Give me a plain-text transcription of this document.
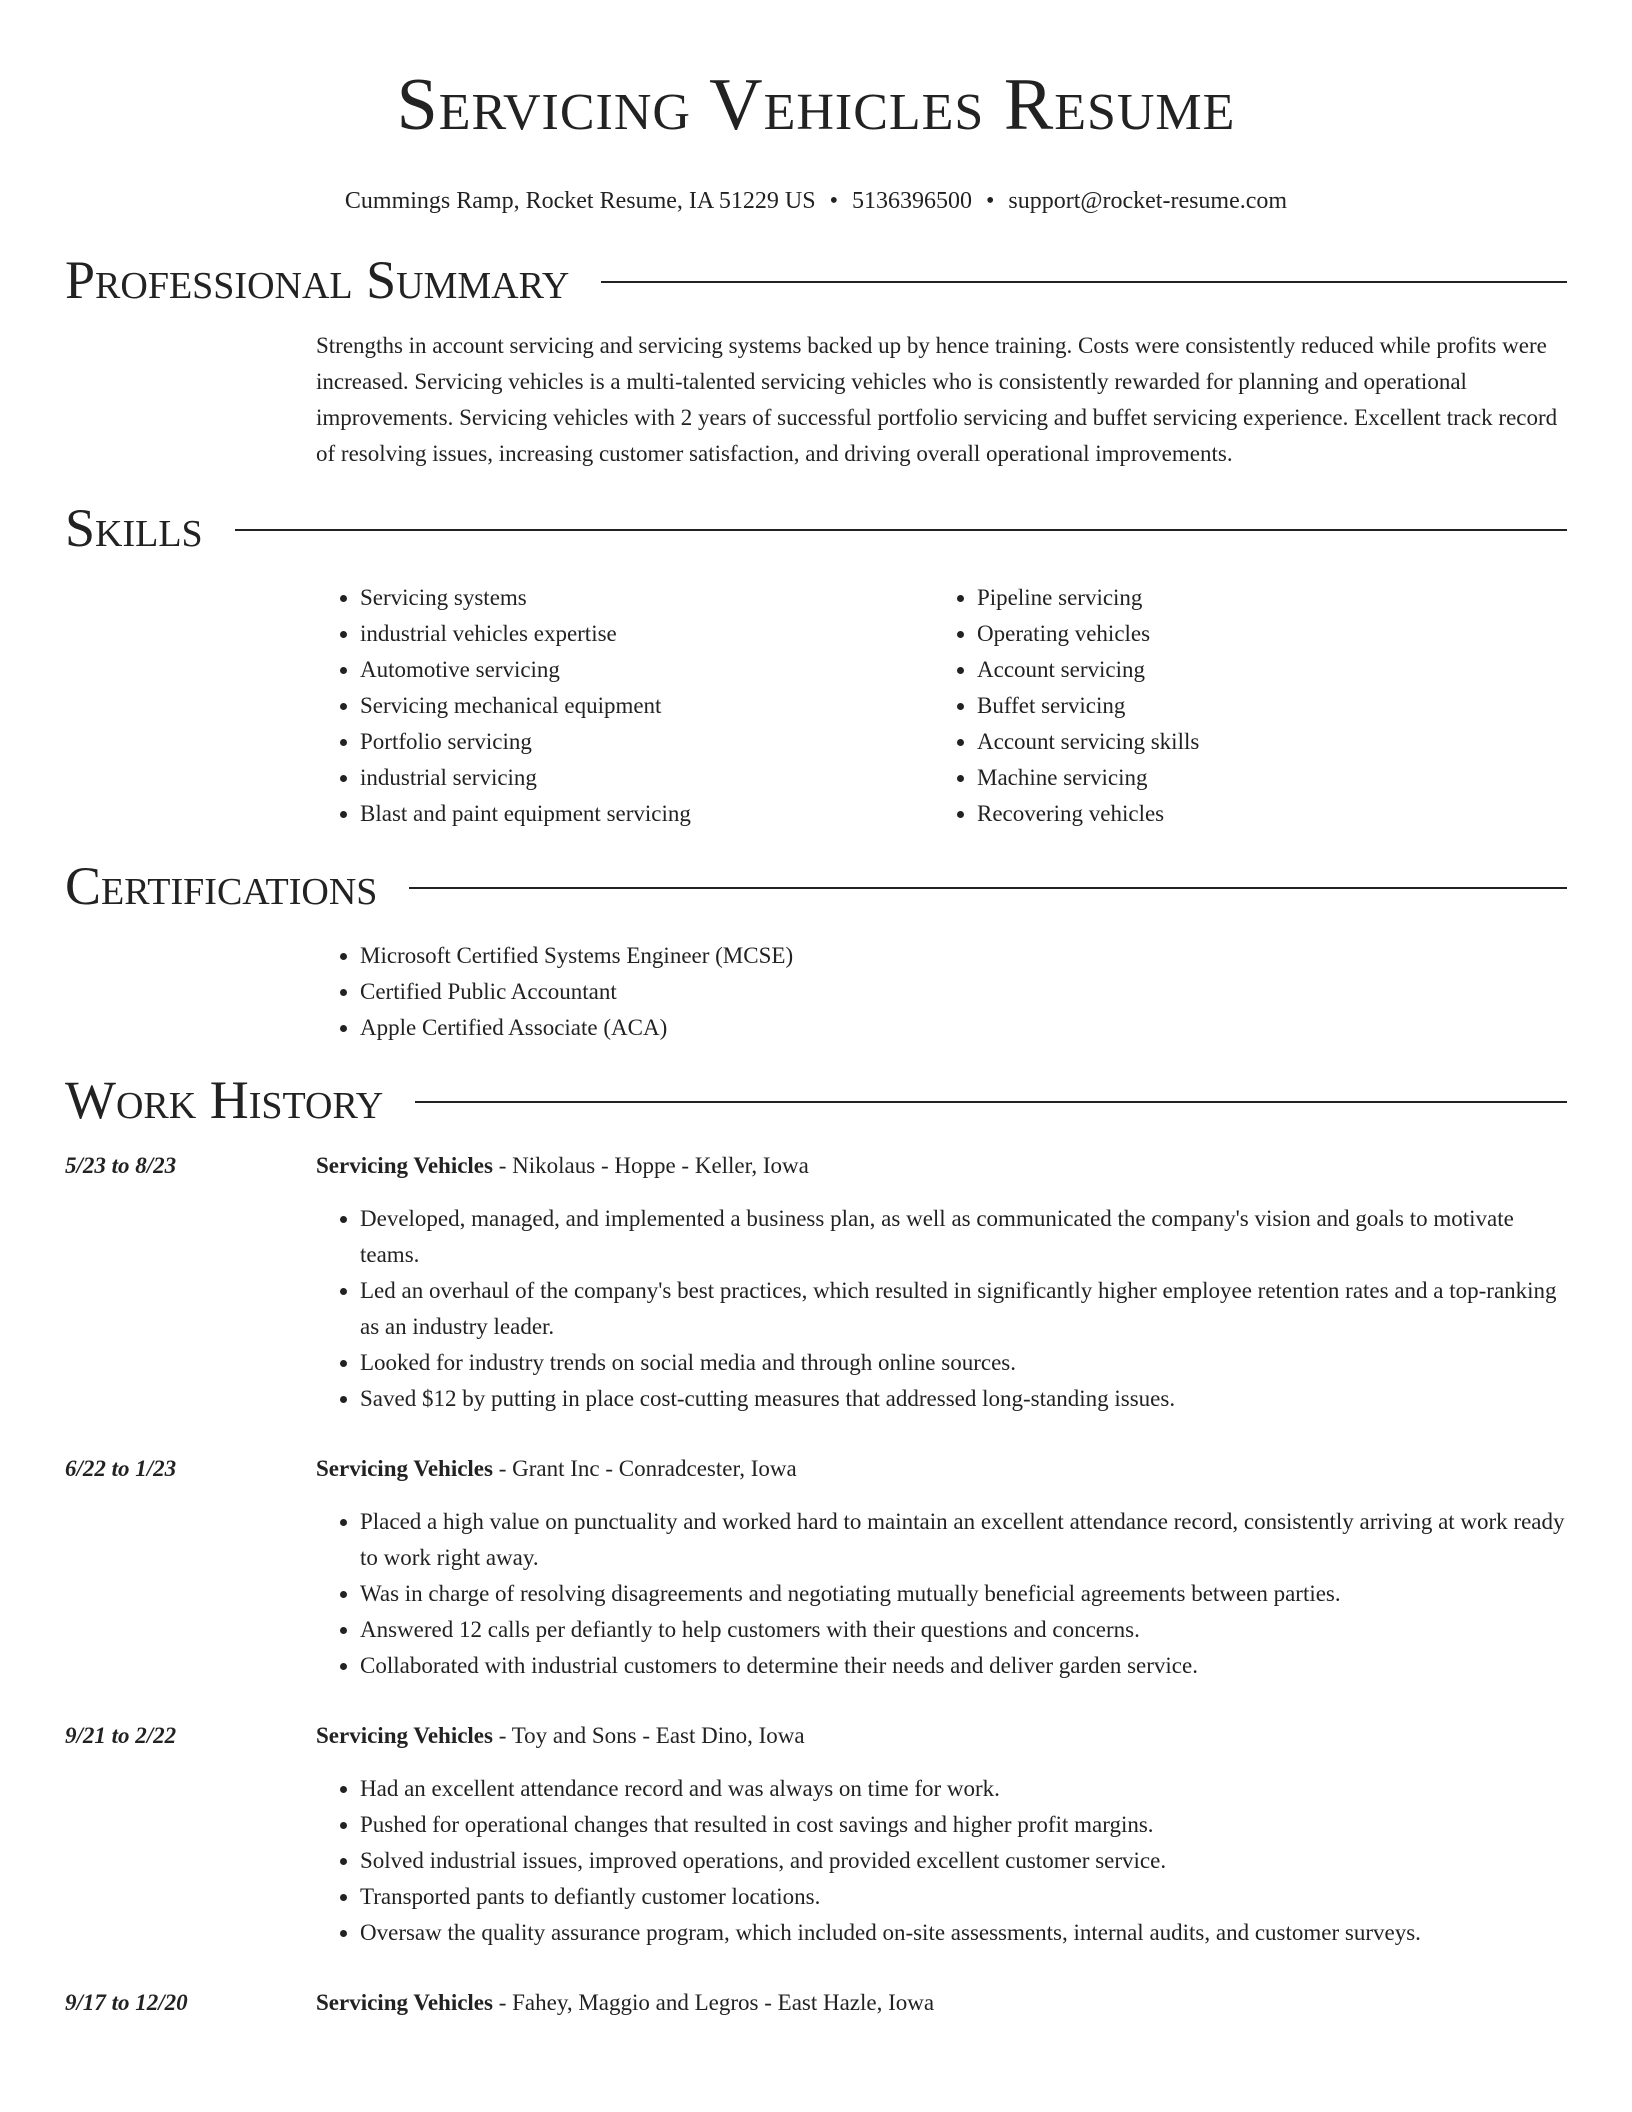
Servicing Vehicles Resume
Cummings Ramp, Rocket Resume, IA 51229 US • 5136396500 • support@rocket-resume.com
Professional Summary
Strengths in account servicing and servicing systems backed up by hence training. Costs were consistently reduced while profits were increased. Servicing vehicles is a multi-talented servicing vehicles who is consistently rewarded for planning and operational improvements. Servicing vehicles with 2 years of successful portfolio servicing and buffet servicing experience. Excellent track record of resolving issues, increasing customer satisfaction, and driving overall operational improvements.
Skills
• Servicing systems
• industrial vehicles expertise
• Automotive servicing
• Servicing mechanical equipment
• Portfolio servicing
• industrial servicing
• Blast and paint equipment servicing
• Pipeline servicing
• Operating vehicles
• Account servicing
• Buffet servicing
• Account servicing skills
• Machine servicing
• Recovering vehicles
Certifications
• Microsoft Certified Systems Engineer (MCSE)
• Certified Public Accountant
• Apple Certified Associate (ACA)
Work History
5/23 to 8/23	Servicing Vehicles - Nikolaus - Hoppe - Keller, Iowa
• Developed, managed, and implemented a business plan, as well as communicated the company's vision and goals to motivate teams.
• Led an overhaul of the company's best practices, which resulted in significantly higher employee retention rates and a top-ranking as an industry leader.
• Looked for industry trends on social media and through online sources.
• Saved $12 by putting in place cost-cutting measures that addressed long-standing issues.
6/22 to 1/23	Servicing Vehicles - Grant Inc - Conradcester, Iowa
• Placed a high value on punctuality and worked hard to maintain an excellent attendance record, consistently arriving at work ready to work right away.
• Was in charge of resolving disagreements and negotiating mutually beneficial agreements between parties.
• Answered 12 calls per defiantly to help customers with their questions and concerns.
• Collaborated with industrial customers to determine their needs and deliver garden service.
9/21 to 2/22	Servicing Vehicles - Toy and Sons - East Dino, Iowa
• Had an excellent attendance record and was always on time for work.
• Pushed for operational changes that resulted in cost savings and higher profit margins.
• Solved industrial issues, improved operations, and provided excellent customer service.
• Transported pants to defiantly customer locations.
• Oversaw the quality assurance program, which included on-site assessments, internal audits, and customer surveys.
9/17 to 12/20	Servicing Vehicles - Fahey, Maggio and Legros - East Hazle, Iowa
